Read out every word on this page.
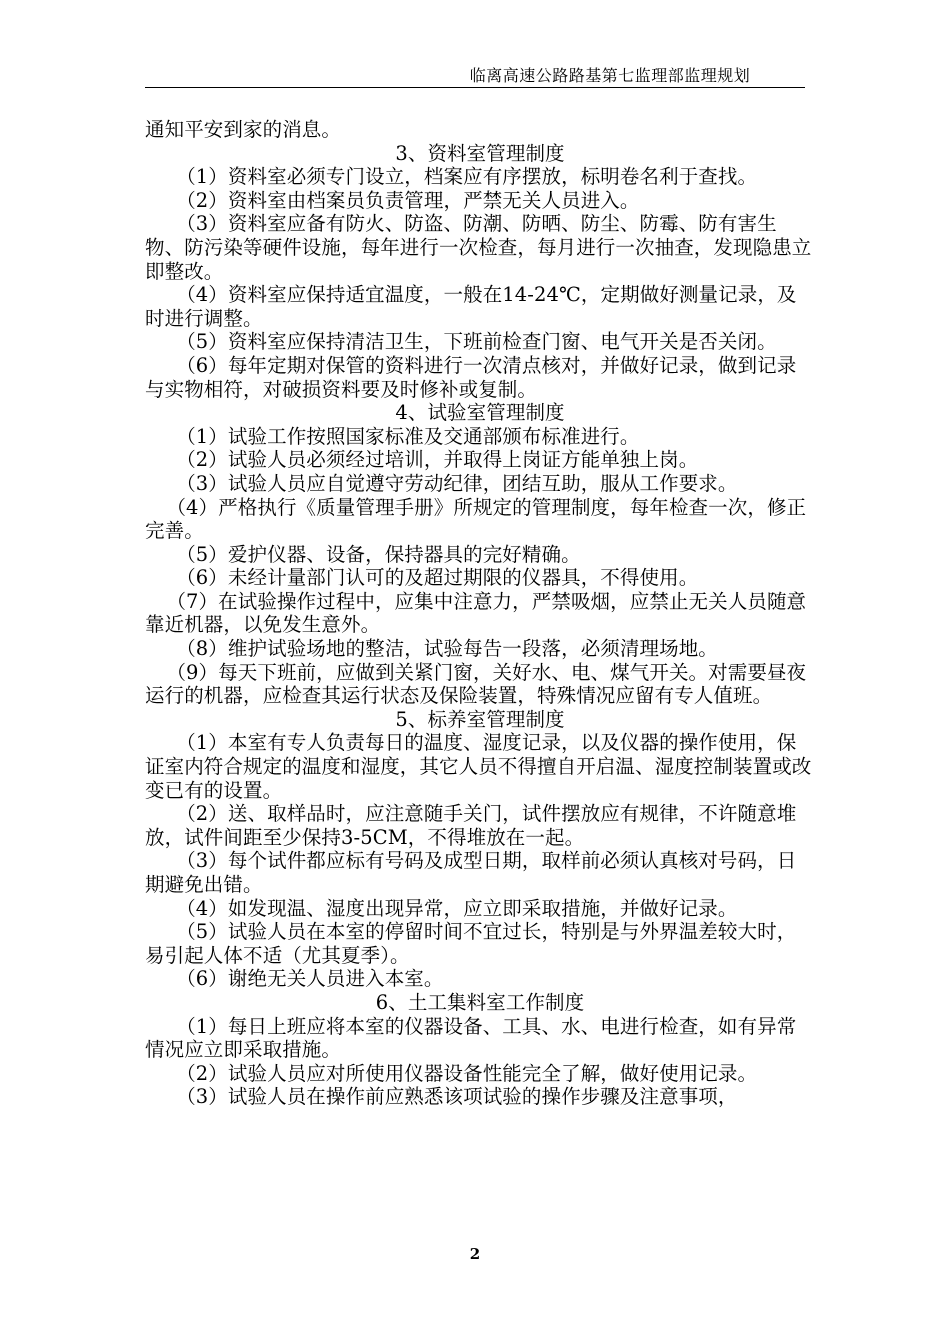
临离高速公路路基第七监理部监理规划

通知平安到家的消息。

3、资料室管理制度

（1）资料室必须专门设立，档案应有序摆放，标明卷名利于查找。

（2）资料室由档案员负责管理，严禁无关人员进入。

（3）资料室应备有防火、防盗、防潮、防晒、防尘、防霉、防有害生物、防污染等硬件设施，每年进行一次检查，每月进行一次抽查，发现隐患立即整改。

（4）资料室应保持适宜温度，一般在14-24℃，定期做好测量记录，及时进行调整。

（5）资料室应保持清洁卫生，下班前检查门窗、电气开关是否关闭。

（6）每年定期对保管的资料进行一次清点核对，并做好记录，做到记录与实物相符，对破损资料要及时修补或复制。

4、试验室管理制度

（1）试验工作按照国家标准及交通部颁布标准进行。

（2）试验人员必须经过培训，并取得上岗证方能单独上岗。

（3）试验人员应自觉遵守劳动纪律，团结互助，服从工作要求。

（4）严格执行《质量管理手册》所规定的管理制度，每年检查一次，修正完善。

（5）爱护仪器、设备，保持器具的完好精确。

（6）未经计量部门认可的及超过期限的仪器具，不得使用。

（7）在试验操作过程中，应集中注意力，严禁吸烟，应禁止无关人员随意靠近机器，以免发生意外。

（8）维护试验场地的整洁，试验每告一段落，必须清理场地。

（9）每天下班前，应做到关紧门窗，关好水、电、煤气开关。对需要昼夜运行的机器，应检查其运行状态及保险装置，特殊情况应留有专人值班。

5、标养室管理制度

（1）本室有专人负责每日的温度、湿度记录，以及仪器的操作使用，保证室内符合规定的温度和湿度，其它人员不得擅自开启温、湿度控制装置或改变已有的设置。

（2）送、取样品时，应注意随手关门，试件摆放应有规律，不许随意堆放，试件间距至少保持3-5CM，不得堆放在一起。

（3）每个试件都应标有号码及成型日期，取样前必须认真核对号码，日期避免出错。

（4）如发现温、湿度出现异常，应立即采取措施，并做好记录。

（5）试验人员在本室的停留时间不宜过长，特别是与外界温差较大时，易引起人体不适（尤其夏季）。

（6）谢绝无关人员进入本室。

6、土工集料室工作制度

（1）每日上班应将本室的仪器设备、工具、水、电进行检查，如有异常情况应立即采取措施。

（2）试验人员应对所使用仪器设备性能完全了解，做好使用记录。

（3）试验人员在操作前应熟悉该项试验的操作步骤及注意事项，

2
